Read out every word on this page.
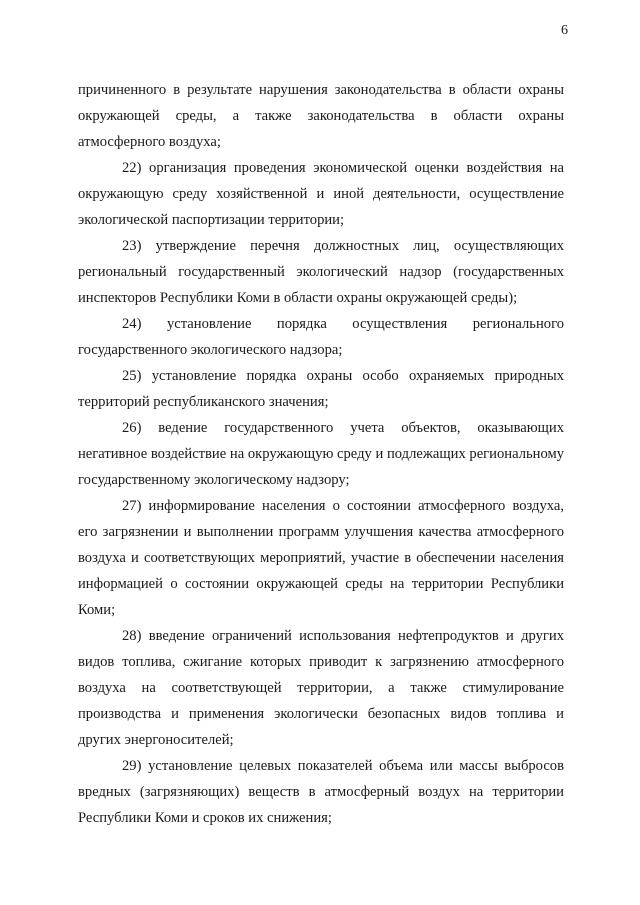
6

причиненного в результате нарушения законодательства в области охраны окружающей среды, а также законодательства в области охраны атмосферного воздуха;

22) организация проведения экономической оценки воздействия на окружающую среду хозяйственной и иной деятельности, осуществление экологической паспортизации территории;

23) утверждение перечня должностных лиц, осуществляющих региональный государственный экологический надзор (государственных инспекторов Республики Коми в области охраны окружающей среды);

24) установление порядка осуществления регионального государственного экологического надзора;

25) установление порядка охраны особо охраняемых природных территорий республиканского значения;

26) ведение государственного учета объектов, оказывающих негативное воздействие на окружающую среду и подлежащих региональному государственному экологическому надзору;

27) информирование населения о состоянии атмосферного воздуха, его загрязнении и выполнении программ улучшения качества атмосферного воздуха и соответствующих мероприятий, участие в обеспечении населения информацией о состоянии окружающей среды на территории Республики Коми;

28) введение ограничений использования нефтепродуктов и других видов топлива, сжигание которых приводит к загрязнению атмосферного воздуха на соответствующей территории, а также стимулирование производства и применения экологически безопасных видов топлива и других энергоносителей;

29) установление целевых показателей объема или массы выбросов вредных (загрязняющих) веществ в атмосферный воздух на территории Республики Коми и сроков их снижения;
